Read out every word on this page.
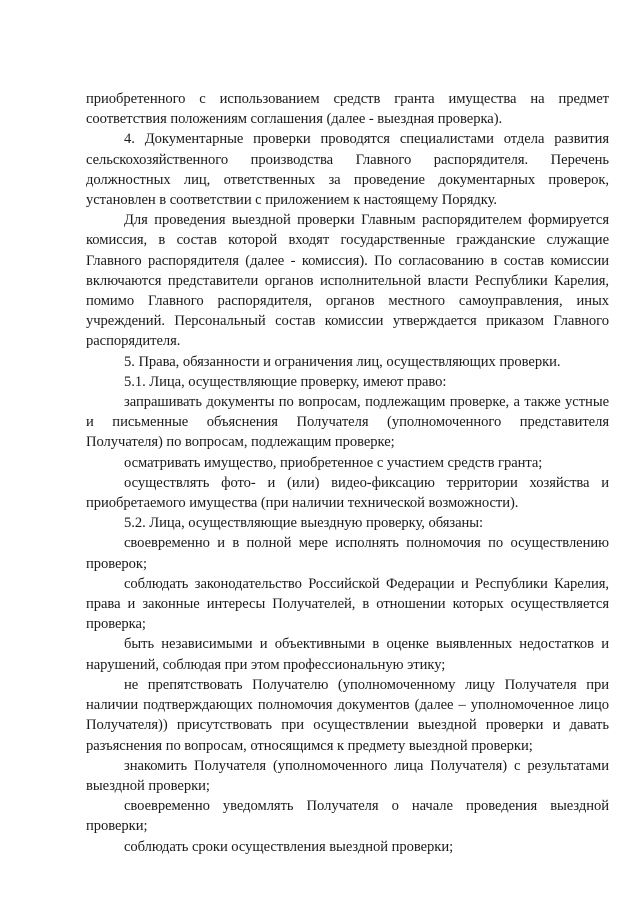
приобретенного с использованием средств гранта имущества на предмет соответствия положениям соглашения (далее - выездная проверка).

4. Документарные проверки проводятся специалистами отдела развития сельскохозяйственного производства Главного распорядителя. Перечень должностных лиц, ответственных за проведение документарных проверок, установлен в соответствии с приложением к настоящему Порядку.

Для проведения выездной проверки Главным распорядителем формируется комиссия, в состав которой входят государственные гражданские служащие Главного распорядителя (далее - комиссия). По согласованию в состав комиссии включаются представители органов исполнительной власти Республики Карелия, помимо Главного распорядителя, органов местного самоуправления, иных учреждений. Персональный состав комиссии утверждается приказом Главного распорядителя.

5. Права, обязанности и ограничения лиц, осуществляющих проверки.

5.1. Лица, осуществляющие проверку, имеют право:

запрашивать документы по вопросам, подлежащим проверке, а также устные и письменные объяснения Получателя (уполномоченного представителя Получателя) по вопросам, подлежащим проверке;

осматривать имущество, приобретенное с участием средств гранта;

осуществлять фото- и (или) видео-фиксацию территории хозяйства и приобретаемого имущества (при наличии технической возможности).

5.2. Лица, осуществляющие выездную проверку, обязаны:

своевременно и в полной мере исполнять полномочия по осуществлению проверок;

соблюдать законодательство Российской Федерации и Республики Карелия, права и законные интересы Получателей, в отношении которых осуществляется проверка;

быть независимыми и объективными в оценке выявленных недостатков и нарушений, соблюдая при этом профессиональную этику;

не препятствовать Получателю (уполномоченному лицу Получателя при наличии подтверждающих полномочия документов (далее – уполномоченное лицо Получателя)) присутствовать при осуществлении выездной проверки и давать разъяснения по вопросам, относящимся к предмету выездной проверки;

знакомить Получателя (уполномоченного лица Получателя) с результатами выездной проверки;

своевременно уведомлять Получателя о начале проведения выездной проверки;

соблюдать сроки осуществления выездной проверки;
